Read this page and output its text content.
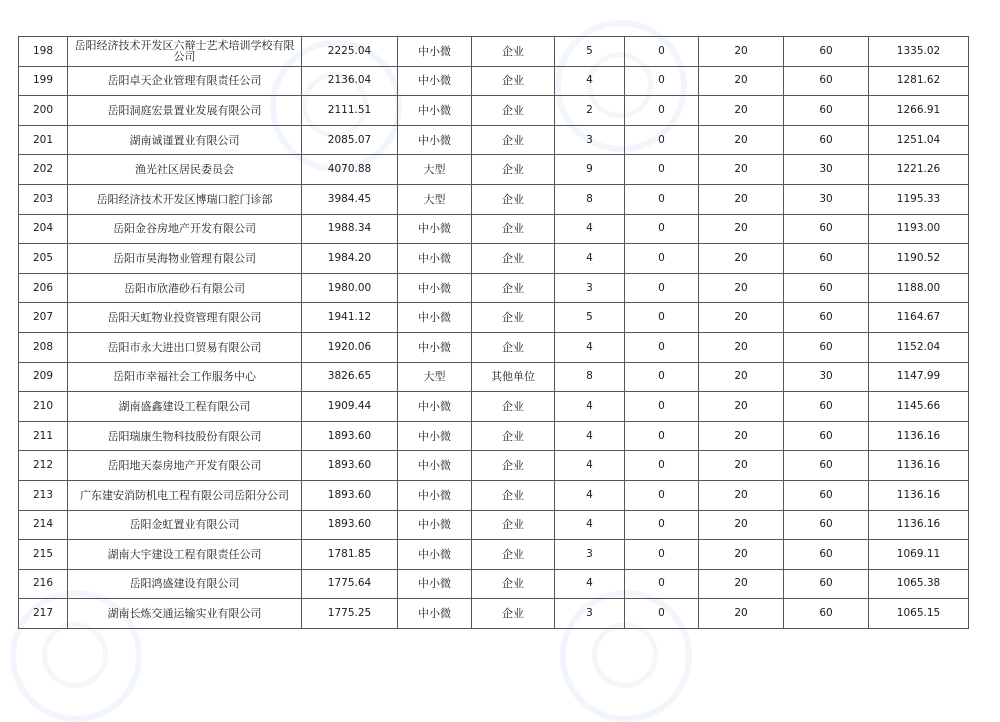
198	岳阳经济技术开发区六辩士艺术培训学校有限公司	2225.04	中小微	企业	5	0	20	60	1335.02
199	岳阳卓天企业管理有限责任公司	2136.04	中小微	企业	4	0	20	60	1281.62
200	岳阳洞庭宏景置业发展有限公司	2111.51	中小微	企业	2	0	20	60	1266.91
201	湖南诚谨置业有限公司	2085.07	中小微	企业	3	0	20	60	1251.04
202	渔光社区居民委员会	4070.88	大型	企业	9	0	20	30	1221.26
203	岳阳经济技术开发区博瑞口腔门诊部	3984.45	大型	企业	8	0	20	30	1195.33
204	岳阳金谷房地产开发有限公司	1988.34	中小微	企业	4	0	20	60	1193.00
205	岳阳市昊海物业管理有限公司	1984.20	中小微	企业	4	0	20	60	1190.52
206	岳阳市欣港砂石有限公司	1980.00	中小微	企业	3	0	20	60	1188.00
207	岳阳天虹物业投资管理有限公司	1941.12	中小微	企业	5	0	20	60	1164.67
208	岳阳市永大进出口贸易有限公司	1920.06	中小微	企业	4	0	20	60	1152.04
209	岳阳市幸福社会工作服务中心	3826.65	大型	其他单位	8	0	20	30	1147.99
210	湖南盛鑫建设工程有限公司	1909.44	中小微	企业	4	0	20	60	1145.66
211	岳阳瑞康生物科技股份有限公司	1893.60	中小微	企业	4	0	20	60	1136.16
212	岳阳地天泰房地产开发有限公司	1893.60	中小微	企业	4	0	20	60	1136.16
213	广东建安消防机电工程有限公司岳阳分公司	1893.60	中小微	企业	4	0	20	60	1136.16
214	岳阳金虹置业有限公司	1893.60	中小微	企业	4	0	20	60	1136.16
215	湖南大宇建设工程有限责任公司	1781.85	中小微	企业	3	0	20	60	1069.11
216	岳阳鸿盛建设有限公司	1775.64	中小微	企业	4	0	20	60	1065.38
217	湖南长炼交通运输实业有限公司	1775.25	中小微	企业	3	0	20	60	1065.15
